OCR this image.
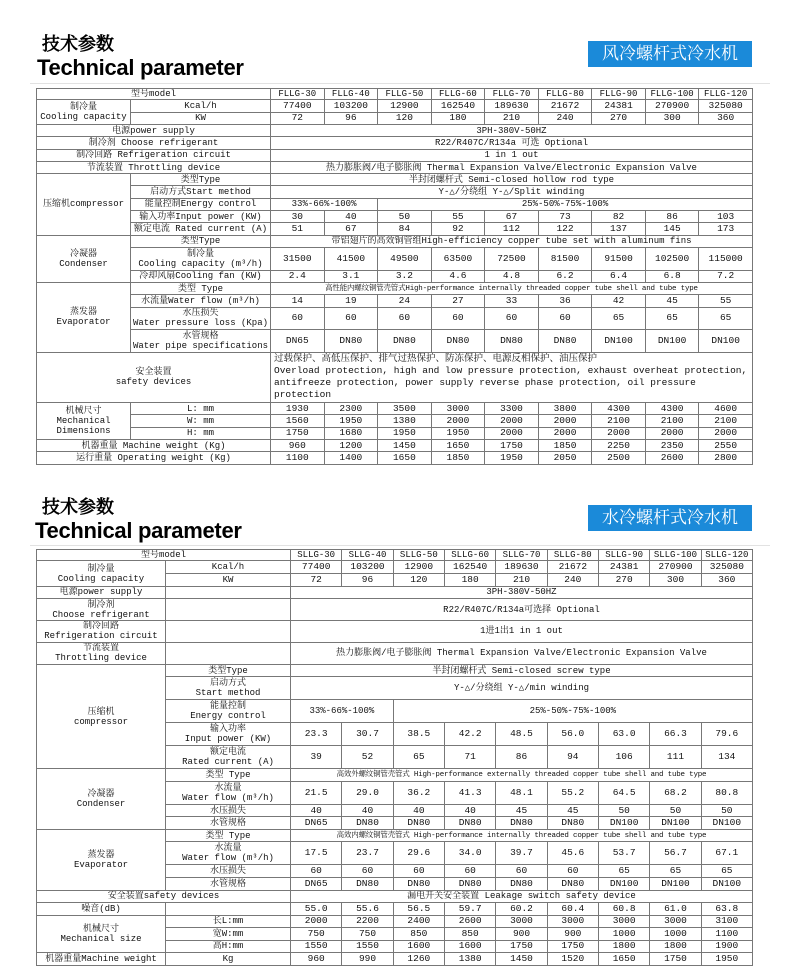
技术参数
Technical parameter
风冷螺杆式冷水机
型号model		FLLG-30	FLLG-40	FLLG-50	FLLG-60	FLLG-70	FLLG-80	FLLG-90	FLLG-100	FLLG-120
制冷量
Cooling capacity	Kcal/h	77400	103200	12900	162540	189630	21672	24381	270900	325080
	KW	72	96	120	180	210	240	270	300	360
电源power supply		3PH-380V-50HZ								
制冷剂 Choose refrigerant		R22/R407C/R134a 可选 Optional								
制冷回路 Refrigeration circuit		1 in 1 out								
节流装置 Throttling device		热力膨胀阀/电子膨胀阀 Thermal Expansion Valve/Electronic Expansion Valve								
压缩机compressor	类型Type	半封闭螺杆式 Semi-closed hollow rod type								
	启动方式Start method	Y-△/分绕组 Y-△/Split winding								
	能量控制Energy control	33%-66%-100%		25%-50%-75%-100%						
	输入功率Input power (KW)	30	40	50	55	67	73	82	86	103
	额定电流 Rated current (A)	51	67	84	92	112	122	137	145	173
冷凝器
Condenser	类型Type	带铝翅片的高效铜管组High-efficiency copper tube set with aluminum fins								
	制冷量
Cooling capacity (m³/h)	31500	41500	49500	63500	72500	81500	91500	102500	115000
	冷却风扇Cooling fan (KW)	2.4	3.1	3.2	4.6	4.8	6.2	6.4	6.8	7.2
蒸发器
Evaporator	类型 Type	高性能内螺纹铜管壳管式High-performance internally threaded copper tube shell and tube type								
	水流量Water flow (m³/h)	14	19	24	27	33	36	42	45	55
	水压损失
Water pressure loss (Kpa)	60	60	60	60	60	60	65	65	65
	水管规格
Water pipe specifications	DN65	DN80	DN80	DN80	DN80	DN80	DN100	DN100	DN100
安全装置
safety devices		过载保护、高低压保护、排气过热保护、防冻保护、电源反相保护、油压保护
Overload protection, high and low pressure protection, exhaust overheat protection,
antifreeze protection, power supply reverse phase protection, oil pressure protection								
机械尺寸
Mechanical
Dimensions	L: mm	1930	2300	3500	3000	3300	3800	4300	4300	4600
	W: mm	1560	1950	1380	2000	2000	2000	2100	2100	2100
	H: mm	1750	1680	1950	1950	2000	2000	2000	2000	2000
机器重量 Machine weight (Kg)		960	1200	1450	1650	1750	1850	2250	2350	2550
运行重量 Operating weight (Kg)		1100	1400	1650	1850	1950	2050	2500	2600	2800
技术参数
Technical parameter
水冷螺杆式冷水机
型号model		SLLG-30	SLLG-40	SLLG-50	SLLG-60	SLLG-70	SLLG-80	SLLG-90	SLLG-100	SLLG-120
制冷量
Cooling capacity	Kcal/h	77400	103200	12900	162540	189630	21672	24381	270900	325080
	KW	72	96	120	180	210	240	270	300	360
电源power supply		3PH-380V-50HZ								
制冷剂
Choose refrigerant		R22/R407C/R134a可选择 Optional								
制冷回路
Refrigeration circuit		1进1出1 in 1 out								
节流装置
Throttling device		热力膨胀阀/电子膨胀阀 Thermal Expansion Valve/Electronic Expansion Valve								
压缩机
compressor	类型Type	半封闭螺杆式 Semi-closed screw type								
	启动方式
Start method	Y-△/分绕组 Y-△/min winding								
	能量控制
Energy control	33%-66%-100%		25%-50%-75%-100%						
	输入功率
Input power (KW)	23.3	30.7	38.5	42.2	48.5	56.0	63.0	66.3	79.6
	额定电流
Rated current (A)	39	52	65	71	86	94	106	111	134
冷凝器
Condenser	类型 Type	高效外螺纹铜管壳管式 High-performance externally threaded copper tube shell and tube type								
	水流量
Water flow (m³/h)	21.5	29.0	36.2	41.3	48.1	55.2	64.5	68.2	80.8
	水压损失	40	40	40	40	45	45	50	50	50
	水管规格	DN65	DN80	DN80	DN80	DN80	DN80	DN100	DN100	DN100
蒸发器
Evaporator	类型 Type	高效内螺纹铜管壳管式 High-performance internally threaded copper tube shell and tube type								
	水流量
Water flow (m³/h)	17.5	23.7	29.6	34.0	39.7	45.6	53.7	56.7	67.1
	水压损失	60	60	60	60	60	60	65	65	65
	水管规格	DN65	DN80	DN80	DN80	DN80	DN80	DN100	DN100	DN100
安全装置safety devices		漏电开关安全装置 Leakage switch safety device								
噪音(dB)		55.0	55.6	56.5	59.7	60.2	60.4	60.8	61.0	63.8
机械尺寸
Mechanical size	长L:mm	2000	2200	2400	2600	3000	3000	3000	3000	3100
	宽W:mm	750	750	850	850	900	900	1000	1000	1100
	高H:mm	1550	1550	1600	1600	1750	1750	1800	1800	1900
机器重量Machine weight	Kg	960	990	1260	1380	1450	1520	1650	1750	1950
